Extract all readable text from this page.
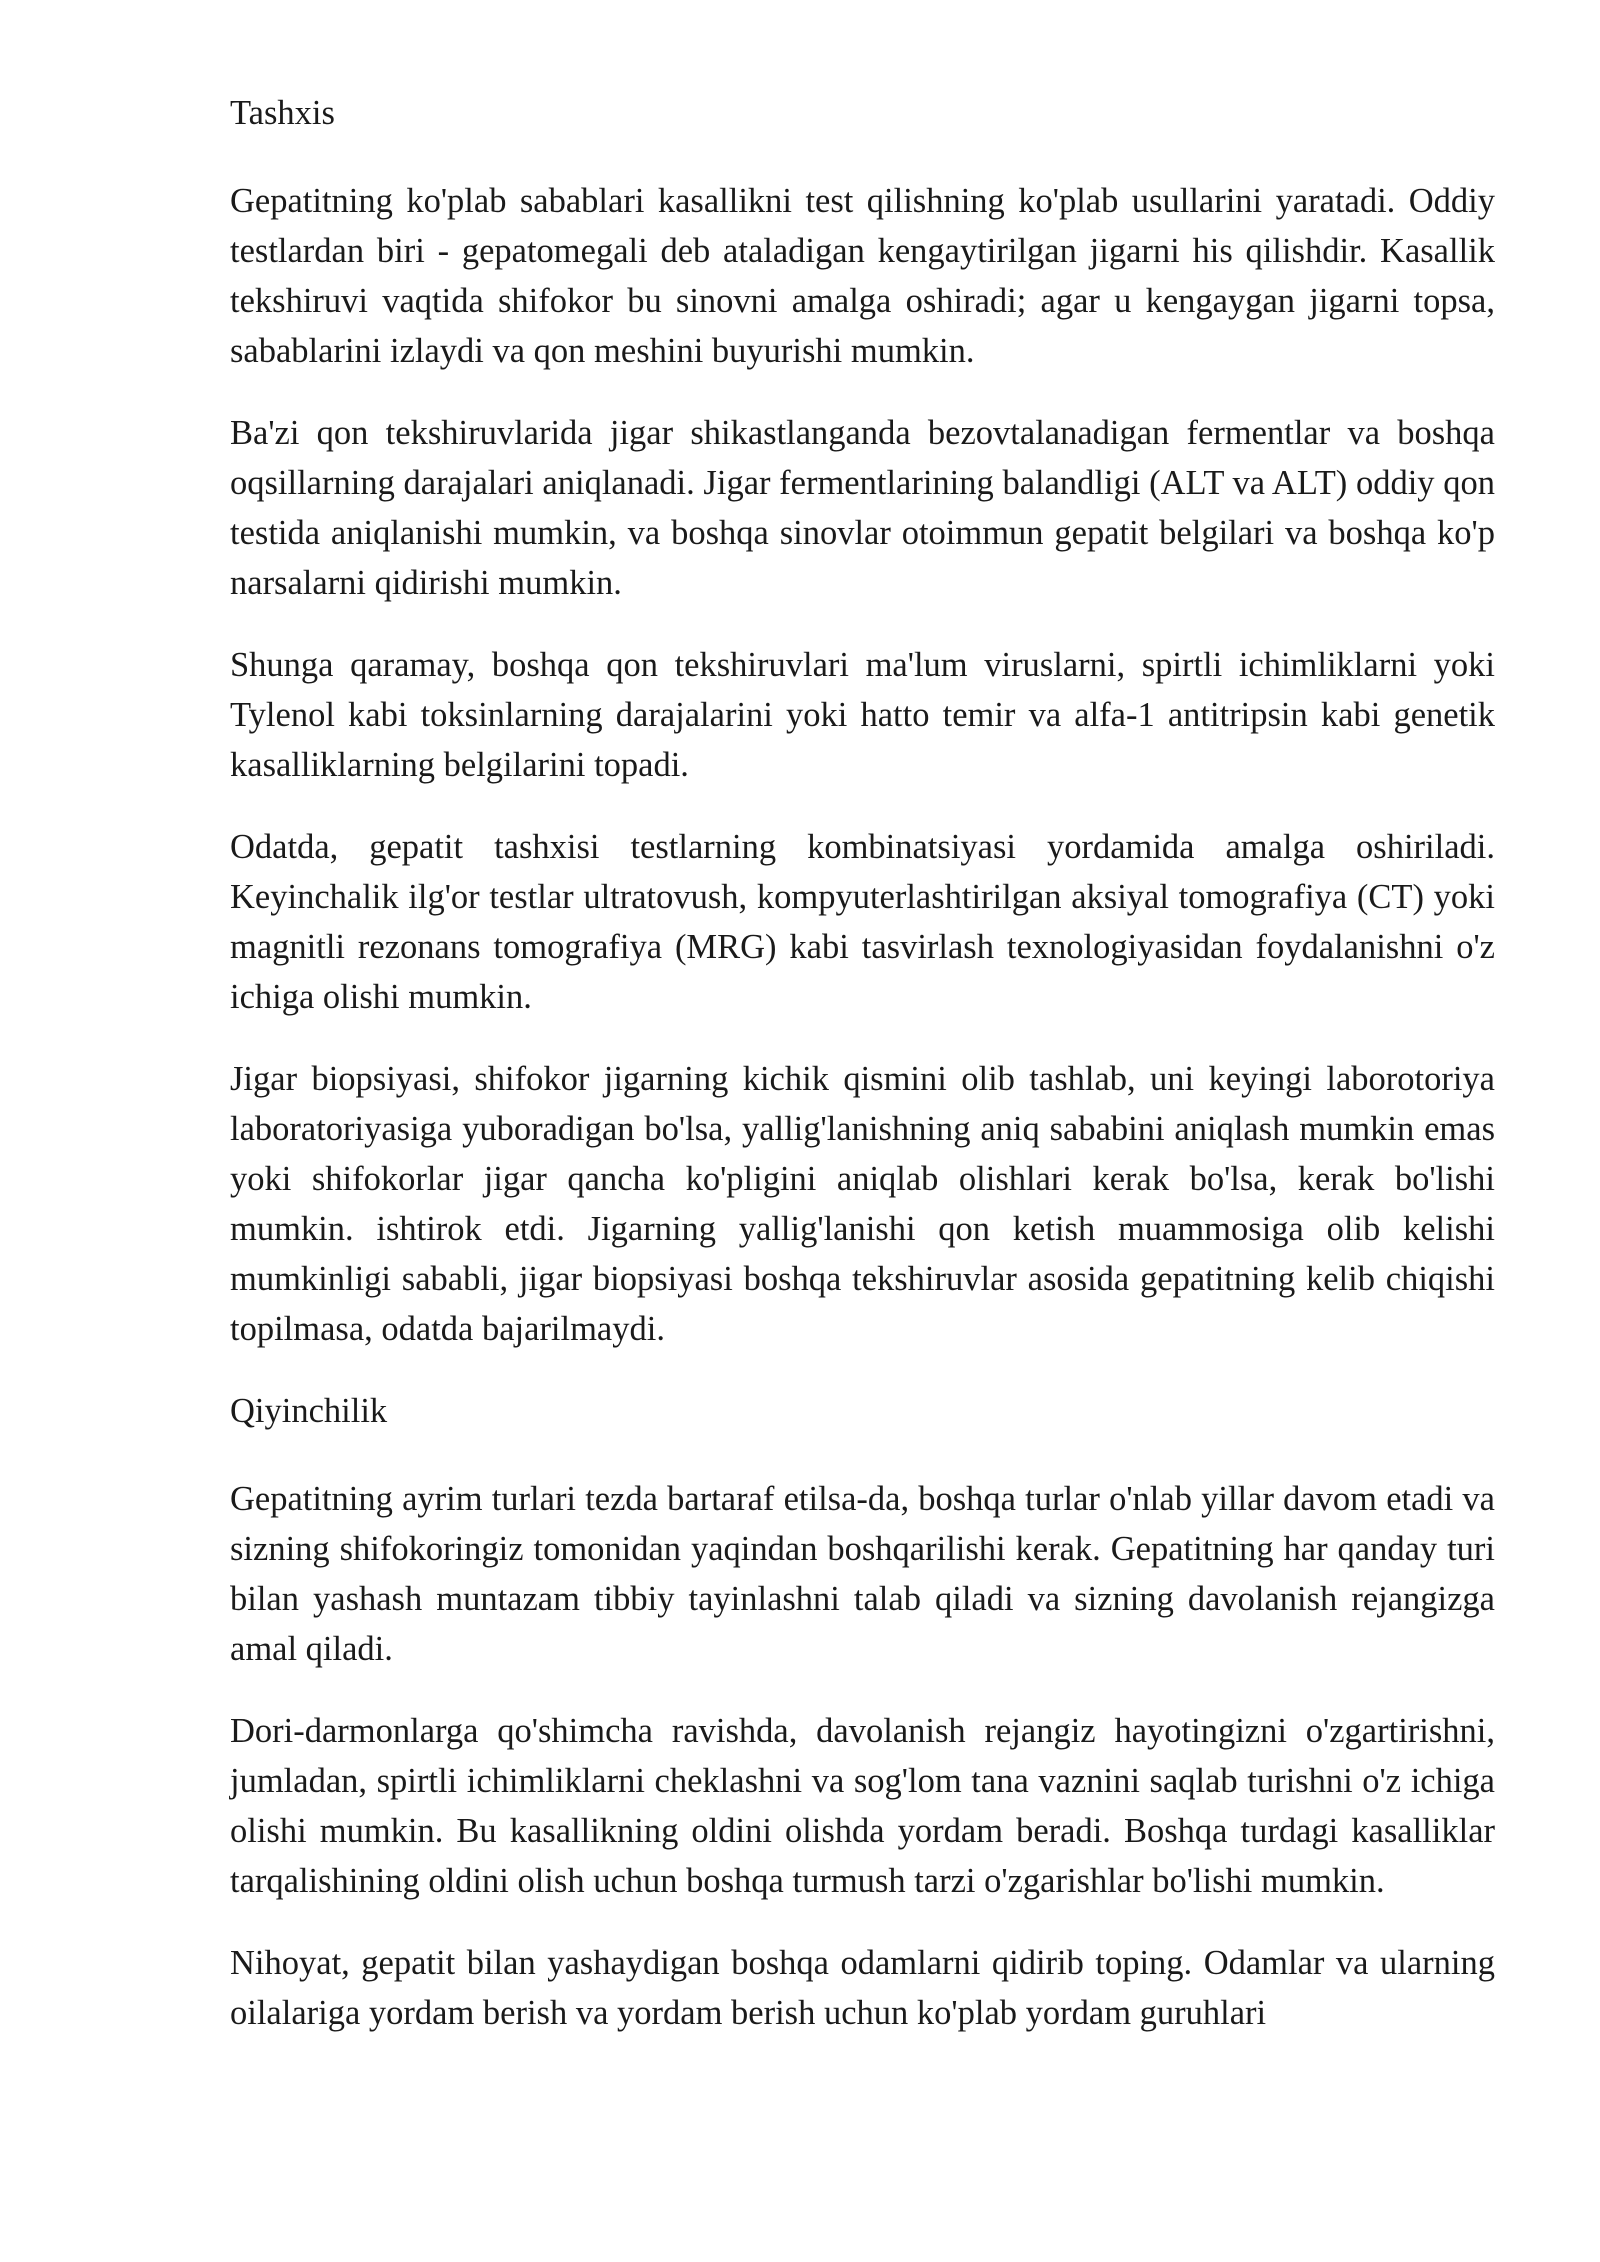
Tashxis

Gepatitning ko'plab sabablari kasallikni test qilishning ko'plab usullarini yaratadi. Oddiy testlardan biri - gepatomegali deb ataladigan kengaytirilgan jigarni his qilishdir. Kasallik tekshiruvi vaqtida shifokor bu sinovni amalga oshiradi; agar u kengaygan jigarni topsa, sabablarini izlaydi va qon meshini buyurishi mumkin.

Ba'zi qon tekshiruvlarida jigar shikastlanganda bezovtalanadigan fermentlar va boshqa oqsillarning darajalari aniqlanadi. Jigar fermentlarining balandligi (ALT va ALT) oddiy qon testida aniqlanishi mumkin, va boshqa sinovlar otoimmun gepatit belgilari va boshqa ko'p narsalarni qidirishi mumkin.

Shunga qaramay, boshqa qon tekshiruvlari ma'lum viruslarni, spirtli ichimliklarni yoki Tylenol kabi toksinlarning darajalarini yoki hatto temir va alfa-1 antitripsin kabi genetik kasalliklarning belgilarini topadi.

Odatda, gepatit tashxisi testlarning kombinatsiyasi yordamida amalga oshiriladi. Keyinchalik ilg'or testlar ultratovush, kompyuterlashtirilgan aksiyal tomografiya (CT) yoki magnitli rezonans tomografiya (MRG) kabi tasvirlash texnologiyasidan foydalanishni o'z ichiga olishi mumkin.

Jigar biopsiyasi, shifokor jigarning kichik qismini olib tashlab, uni keyingi laborotoriya laboratoriyasiga yuboradigan bo'lsa, yallig'lanishning aniq sababini aniqlash mumkin emas yoki shifokorlar jigar qancha ko'pligini aniqlab olishlari kerak bo'lsa, kerak bo'lishi mumkin. ishtirok etdi. Jigarning yallig'lanishi qon ketish muammosiga olib kelishi mumkinligi sababli, jigar biopsiyasi boshqa tekshiruvlar asosida gepatitning kelib chiqishi topilmasa, odatda bajarilmaydi.

Qiyinchilik

Gepatitning ayrim turlari tezda bartaraf etilsa-da, boshqa turlar o'nlab yillar davom etadi va sizning shifokoringiz tomonidan yaqindan boshqarilishi kerak. Gepatitning har qanday turi bilan yashash muntazam tibbiy tayinlashni talab qiladi va sizning davolanish rejangizga amal qiladi.

Dori-darmonlarga qo'shimcha ravishda, davolanish rejangiz hayotingizni o'zgartirishni, jumladan, spirtli ichimliklarni cheklashni va sog'lom tana vaznini saqlab turishni o'z ichiga olishi mumkin. Bu kasallikning oldini olishda yordam beradi. Boshqa turdagi kasalliklar tarqalishining oldini olish uchun boshqa turmush tarzi o'zgarishlar bo'lishi mumkin.

Nihoyat, gepatit bilan yashaydigan boshqa odamlarni qidirib toping. Odamlar va ularning oilalariga yordam berish va yordam berish uchun ko'plab yordam guruhlari
